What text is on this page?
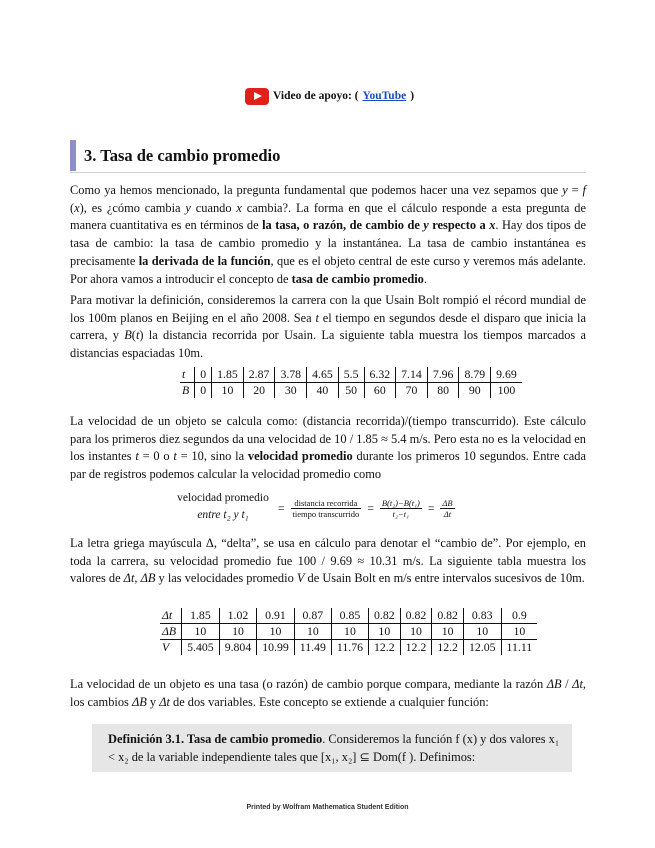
Video de apoyo: ( YouTube )
3. Tasa de cambio promedio
Como ya hemos mencionado, la pregunta fundamental que podemos hacer una vez sepamos que y = f (x), es ¿cómo cambia y cuando x cambia?. La forma en que el cálculo responde a esta pregunta de manera cuantitativa es en términos de la tasa, o razón, de cambio de y respecto a x. Hay dos tipos de tasa de cambio: la tasa de cambio promedio y la instantánea. La tasa de cambio instantánea es precisamente la derivada de la función, que es el objeto central de este curso y veremos más adelante. Por ahora vamos a introducir el concepto de tasa de cambio promedio.
Para motivar la definición, consideremos la carrera con la que Usain Bolt rompió el récord mundial de los 100m planos en Beijing en el año 2008. Sea t el tiempo en segundos desde el disparo que inicia la carrera, y B(t) la distancia recorrida por Usain. La siguiente tabla muestra los tiempos marcados a distancias espaciadas 10m.
t	0	1.85	2.87	3.78	4.65	5.5	6.32	7.14	7.96	8.79	9.69
B	0	10	20	30	40	50	60	70	80	90	100
La velocidad de un objeto se calcula como: (distancia recorrida)/(tiempo transcurrido). Este cálculo para los primeros diez segundos da una velocidad de 10 / 1.85 ≈ 5.4 m/s. Pero esta no es la velocidad en los instantes t = 0 o t = 10, sino la velocidad promedio durante los primeros 10 segundos. Entre cada par de registros podemos calcular la velocidad promedio como
velocidad promedio
entre t₂ y t₁
= $\frac{\text{distancia recorrida}}{\text{tiempo transcurrido}} = \frac{\text{B(t₂)−B(t₁)}}{\text{t₂−t₁}} = \frac{\Delta B}{\Delta t}$
La letra griega mayúscula Δ, “delta”, se usa en cálculo para denotar el “cambio de”. Por ejemplo, en toda la carrera, su velocidad promedio fue 100 / 9.69 ≈ 10.31 m/s. La siguiente tabla muestra los valores de Δt, ΔB y las velocidades promedio V de Usain Bolt en m/s entre intervalos sucesivos de 10m.
Δt	1.85	1.02	0.91	0.87	0.85	0.82	0.82	0.82	0.83	0.9
ΔB	10	10	10	10	10	10	10	10	10	10
V	5.405	9.804	10.99	11.49	11.76	12.2	12.2	12.2	12.05	11.11
La velocidad de un objeto es una tasa (o razón) de cambio porque compara, mediante la razón ΔB / Δt, los cambios ΔB y Δt de dos variables. Este concepto se extiende a cualquier función:
Definición 3.1. Tasa de cambio promedio. Consideremos la función f (x) y dos valores x₁ < x₂ de la variable independiente tales que [x₁, x₂] ⊆ Dom(f ). Definimos:
Printed by Wolfram Mathematica Student Edition
